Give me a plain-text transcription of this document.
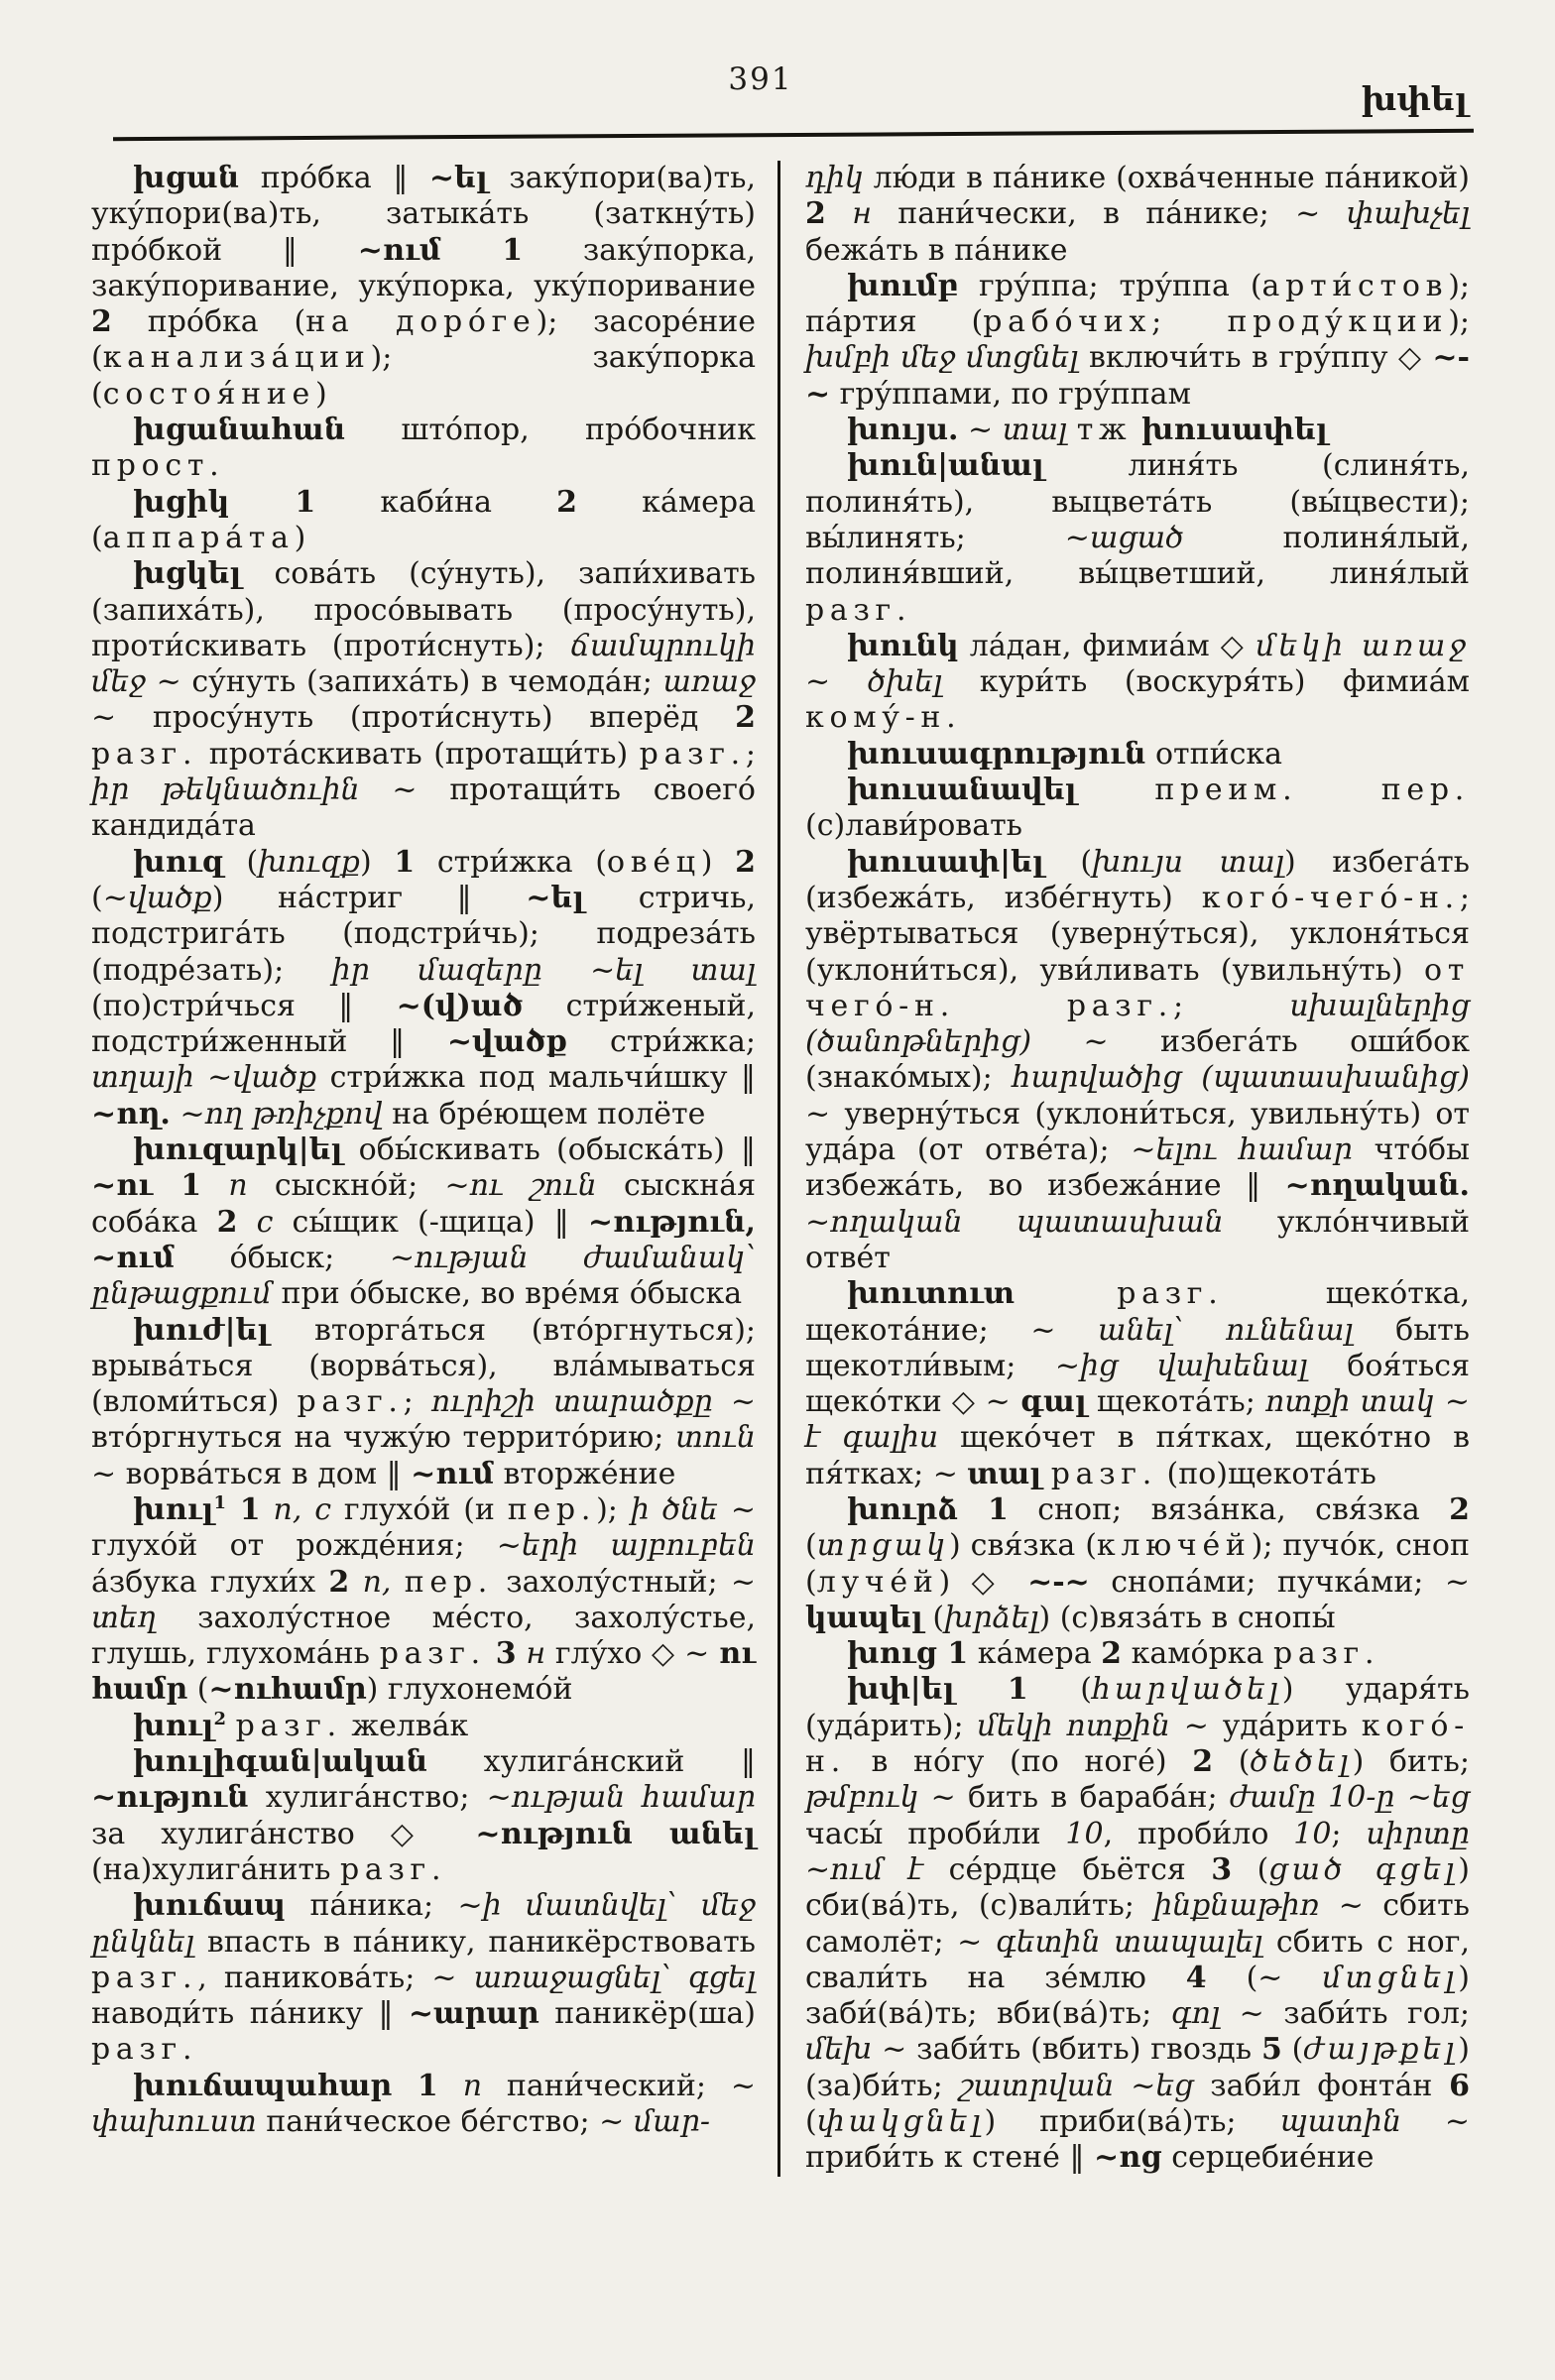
391	խփել

խցան про́бка ‖ ~ել заку́пори(ва)ть, уку́пори(ва)ть, затыка́ть (заткну́ть) про́бкой ‖ ~ում 1 заку́порка, заку́поривание, уку́порка, уку́поривание 2 про́бка (на доро́ге); засоре́ние (канализа́ции); заку́порка (состоя́ние)

խցանահան што́пор, про́бочник прост.

խցիկ 1 каби́на 2 ка́мера (аппара́та)

խցկել сова́ть (су́нуть), запи́хивать (запиха́ть), просо́вывать (просу́нуть), проти́скивать (проти́снуть); ճամպրուկի մեջ ~ су́нуть (запиха́ть) в чемода́н; առաջ ~ просу́нуть (проти́снуть) вперёд 2 разг. прота́скивать (протащи́ть) разг.; իր թեկնածուին ~ протащи́ть своего́ кандида́та

խուզ (խուզք) 1 стри́жка (ове́ц) 2 (~վածք) на́стриг ‖ ~ել стричь, подстрига́ть (подстри́чь); подреза́ть (подре́зать); իր մազերը ~ել տալ (по)стри́чься ‖ ~(վ)ած стри́женый, подстри́женный ‖ ~վածք стри́жка; տղայի ~վածք стри́жка под мальчи́шку ‖ ~ող. ~ող թռիչքով на бре́ющем полёте

խուզարկ|ել обы́скивать (обыска́ть) ‖ ~ու 1 п сыскно́й; ~ու շուն сыскна́я соба́ка 2 с сы́щик (-щица) ‖ ~ություն, ~ում о́быск; ~ության ժամանակ՝ ընթացքում при о́быске, во вре́мя о́быска

խուժ|ել вторга́ться (вто́ргнуться); врыва́ться (ворва́ться), вла́мываться (вломи́ться) разг.; ուրիշի տարածքը ~ вто́ргнуться на чужу́ю террито́рию; տուն ~ ворва́ться в дом ‖ ~ում вторже́ние

խուլ$^1$ 1 п, с глухо́й (и пер.); ի ծնե ~ глухо́й от рожде́ния; ~երի այբուբեն а́збука глухи́х 2 п, пер. захолу́стный; ~ տեղ захолу́стное ме́сто, захолу́стье, глушь, глухома́нь разг. 3 н глу́хо ◇ ~ ու համր (~ուհամր) глухонемо́й

խուլ$^2$ разг. желва́к

խուլիգան|ական хулига́нский ‖ ~ություն хулига́нство; ~ության համար за хулига́нство ◇ ~ություն անել (на)хулига́нить разг.

խուճապ па́ника; ~ի մատնվել՝ մեջ ընկնել впасть в па́нику, паникёрствовать разг., паникова́ть; ~ առաջացնել՝ գցել наводи́ть па́нику ‖ ~արար паникёр(ша) разг.

խուճապահար 1 п пани́ческий; ~ փախուստ пани́ческое бе́гство; ~ մար-

դիկ лю́ди в па́нике (охва́ченные па́никой) 2 н пани́чески, в па́нике; ~ փախչել бежа́ть в па́нике

խումբ гру́ппа; тру́ппа (арти́стов); па́ртия (рабо́чих; проду́кции); խմբի մեջ մտցնել включи́ть в гру́ппу ◇ ~-~ гру́ппами, по гру́ппам

խույս. ~ տալ тж խուսափել

խուն|անալ линя́ть (слиня́ть, полиня́ть), выцвета́ть (вы́цвести); вы́линять; ~ացած полиня́лый, полиня́вший, вы́цветший, линя́лый разг.

խունկ ла́дан, фимиа́м ◇ մեկի առաջ ~ ծխել кури́ть (воскуря́ть) фимиа́м кому́-н.

խուսագրություն отпи́ска

խուսանավել	преим. пер. (с)лави́ровать

խուսափ|ել (խույս տալ) избега́ть (избежа́ть, избе́гнуть) кого́-чего́-н.; увёртываться (уверну́ться), уклоня́ться (уклони́ться), уви́ливать (увильну́ть) от чего́-н. разг.; սխալներից (ծանոթներից) ~ избега́ть оши́бок (знако́мых); հարվածից (պատասխանից) ~ уверну́ться (уклони́ться, увильну́ть) от уда́ра (от отве́та); ~ելու համար что́бы избежа́ть, во избежа́ние ‖ ~ողական. ~ողական պատասխան укло́нчивый отве́т

խուտուտ	разг. щеко́тка, щекота́ние; ~ անել՝ ունենալ быть щекотли́вым; ~ից վախենալ боя́ться щеко́тки ◇ ~ գալ щекота́ть; ոտքի տակ ~ է գալիս щеко́чет в пя́тках, щеко́тно в пя́тках; ~ տալ разг. (по)щекота́ть

խուրձ 1 сноп; вяза́нка, свя́зка 2 (տրցակ) свя́зка (ключе́й); пучо́к, сноп (луче́й) ◇ ~-~ снопа́ми; пучка́ми; ~ կապել (խրձել) (с)вяза́ть в снопы́

խուց 1 ка́мера 2 камо́рка разг.

խփ|ել 1 (հարվածել) ударя́ть (уда́рить); մեկի ոտքին ~ уда́рить кого́-н. в но́гу (по ноге́) 2 (ծեծել) бить; թմբուկ ~ бить в бараба́н; ժամը 10-ը ~եց часы́ проби́ли 10, проби́ло 10; սիրտը ~ում է се́рдце бьётся 3 (ցած գցել) сби(ва́)ть, (с)вали́ть; ինքնաթիռ ~ сбить самолёт; ~ գետին տապալել сбить с ног, свали́ть на зе́млю 4 (~ մտցնել) заби́(ва́)ть; вби(ва́)ть; գոլ ~ заби́ть гол; մեխ ~ заби́ть (вбить) гвоздь 5 (ժայթքել) (за)би́ть; շատրվան ~եց заби́л фонта́н 6 (փակցնել) приби(ва́)ть; պատին ~ приби́ть к стене́ ‖ ~ոց серцебие́ние
